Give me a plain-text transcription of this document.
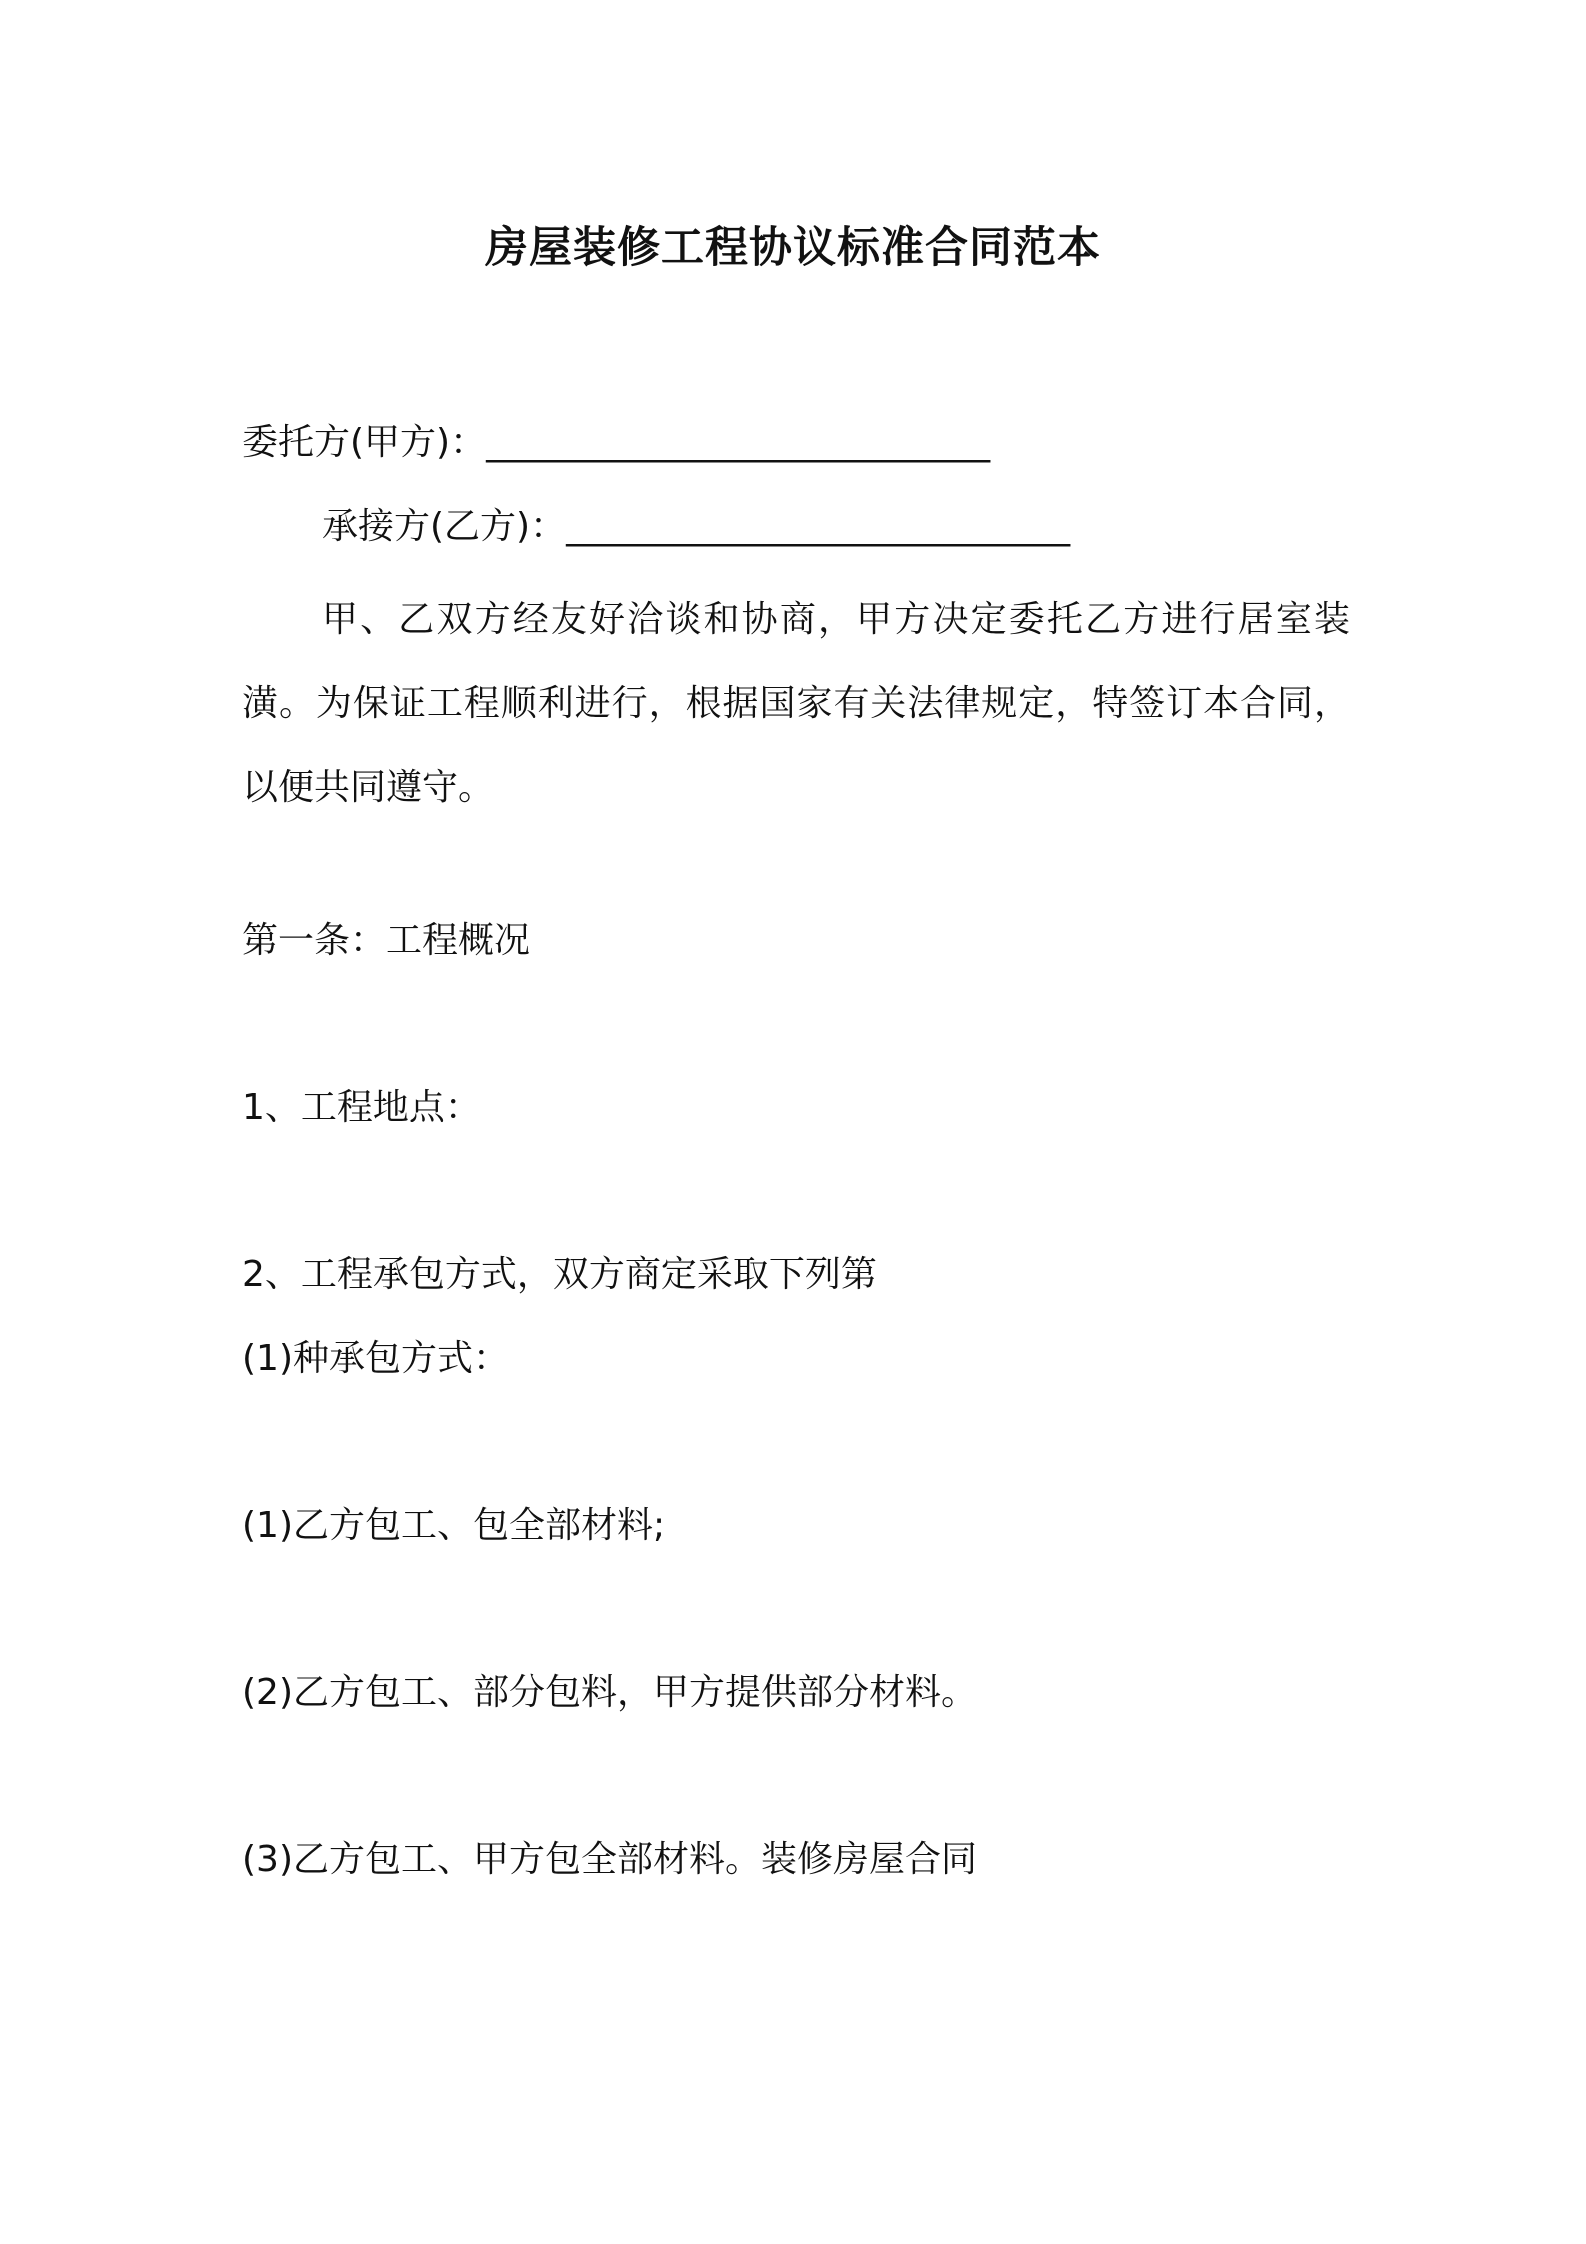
房屋装修工程协议标准合同范本
委托方(甲方)：____________________________
承接方(乙方)：____________________________
甲、乙双方经友好洽谈和协商，甲方决定委托乙方进行居室装潢。为保证工程顺利进行，根据国家有关法律规定，特签订本合同，以便共同遵守。
第一条：工程概况
1、工程地点：
2、工程承包方式，双方商定采取下列第
(1)种承包方式：
(1)乙方包工、包全部材料;
(2)乙方包工、部分包料，甲方提供部分材料。
(3)乙方包工、甲方包全部材料。装修房屋合同
